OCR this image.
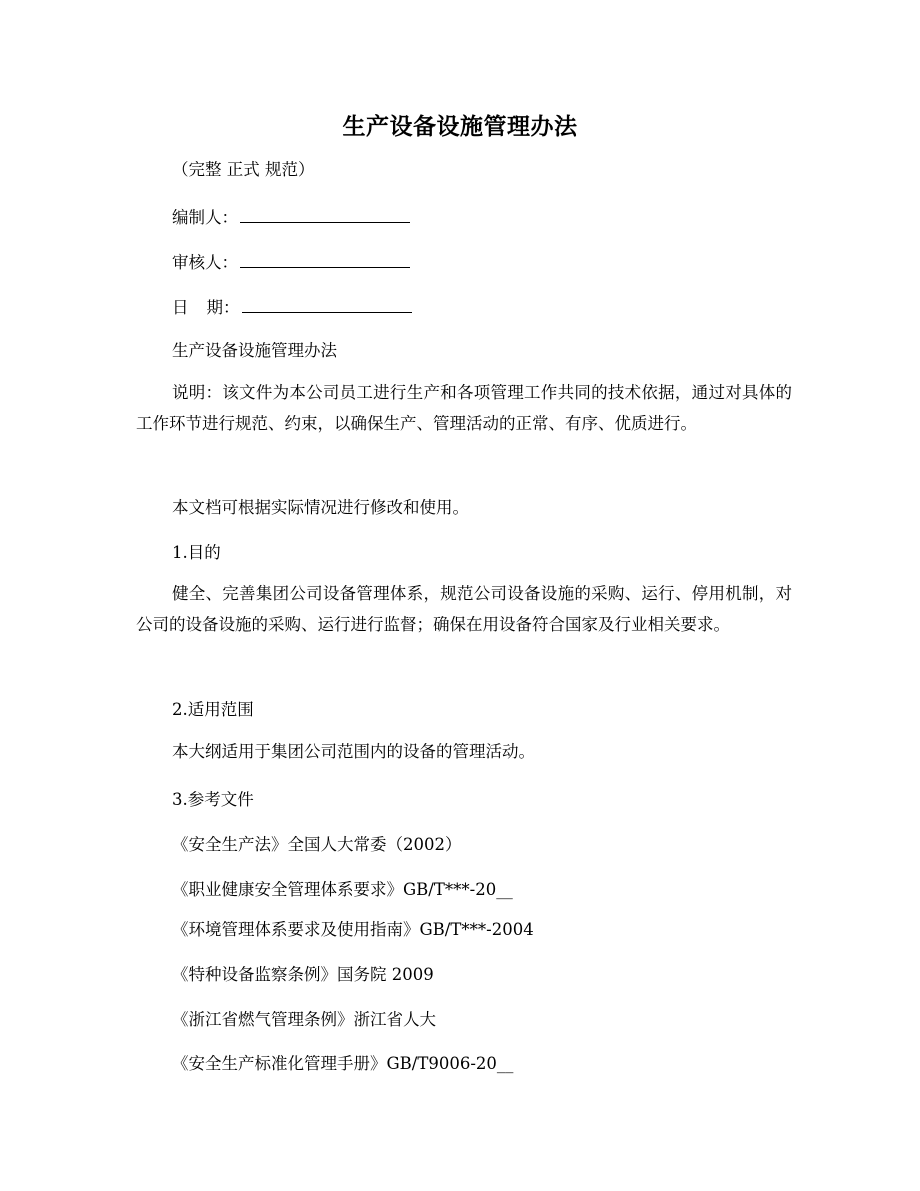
生产设备设施管理办法
（完整 正式 规范）
编制人：
审核人：
日 期：
生产设备设施管理办法
说明：该文件为本公司员工进行生产和各项管理工作共同的技术依据，通过对具体的工作环节进行规范、约束，以确保生产、管理活动的正常、有序、优质进行。
本文档可根据实际情况进行修改和使用。
1.目的
健全、完善集团公司设备管理体系，规范公司设备设施的采购、运行、停用机制，对公司的设备设施的采购、运行进行监督；确保在用设备符合国家及行业相关要求。
2.适用范围
本大纲适用于集团公司范围内的设备的管理活动。
3.参考文件
《安全生产法》全国人大常委（2002）
《职业健康安全管理体系要求》GB/T***-20__
《环境管理体系要求及使用指南》GB/T***-2004
《特种设备监察条例》国务院 2009
《浙江省燃气管理条例》浙江省人大
《安全生产标准化管理手册》GB/T9006-20__
